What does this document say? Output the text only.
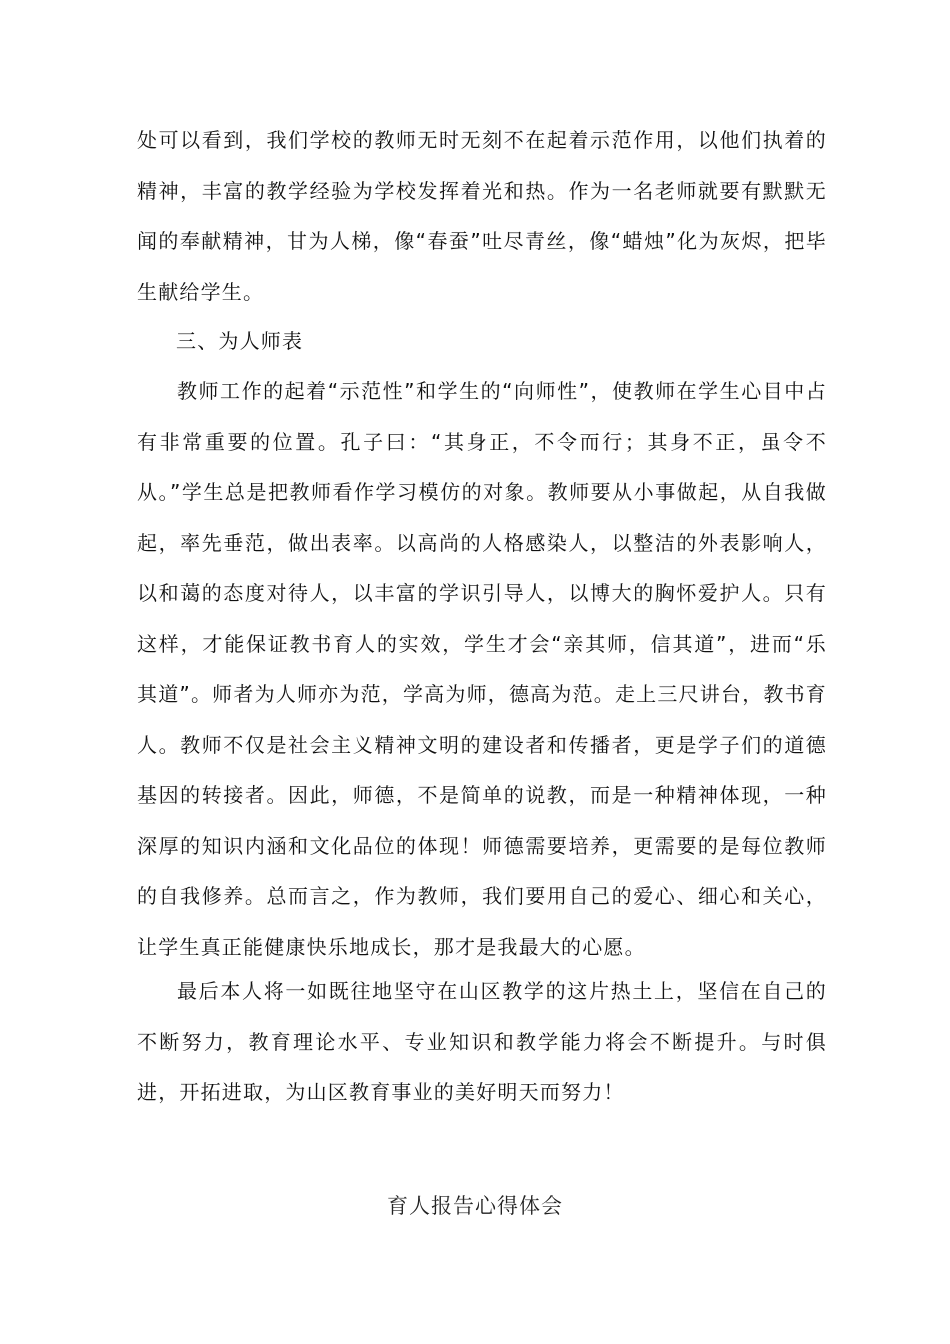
处可以看到，我们学校的教师无时无刻不在起着示范作用，以他们执着的精神，丰富的教学经验为学校发挥着光和热。作为一名老师就要有默默无闻的奉献精神，甘为人梯，像“春蚕”吐尽青丝，像“蜡烛”化为灰烬，把毕生献给学生。

三、为人师表

教师工作的起着“示范性”和学生的“向师性”，使教师在学生心目中占有非常重要的位置。孔子曰：“其身正，不令而行；其身不正，虽令不从。”学生总是把教师看作学习模仿的对象。教师要从小事做起，从自我做起，率先垂范，做出表率。以高尚的人格感染人，以整洁的外表影响人，以和蔼的态度对待人，以丰富的学识引导人，以博大的胸怀爱护人。只有这样，才能保证教书育人的实效，学生才会“亲其师，信其道”，进而“乐其道”。师者为人师亦为范，学高为师，德高为范。走上三尺讲台，教书育人。教师不仅是社会主义精神文明的建设者和传播者，更是学子们的道德基因的转接者。因此，师德，不是简单的说教，而是一种精神体现，一种深厚的知识内涵和文化品位的体现！师德需要培养，更需要的是每位教师的自我修养。总而言之，作为教师，我们要用自己的爱心、细心和关心，让学生真正能健康快乐地成长，那才是我最大的心愿。

最后本人将一如既往地坚守在山区教学的这片热土上，坚信在自己的不断努力，教育理论水平、专业知识和教学能力将会不断提升。与时俱进，开拓进取，为山区教育事业的美好明天而努力！

育人报告心得体会
